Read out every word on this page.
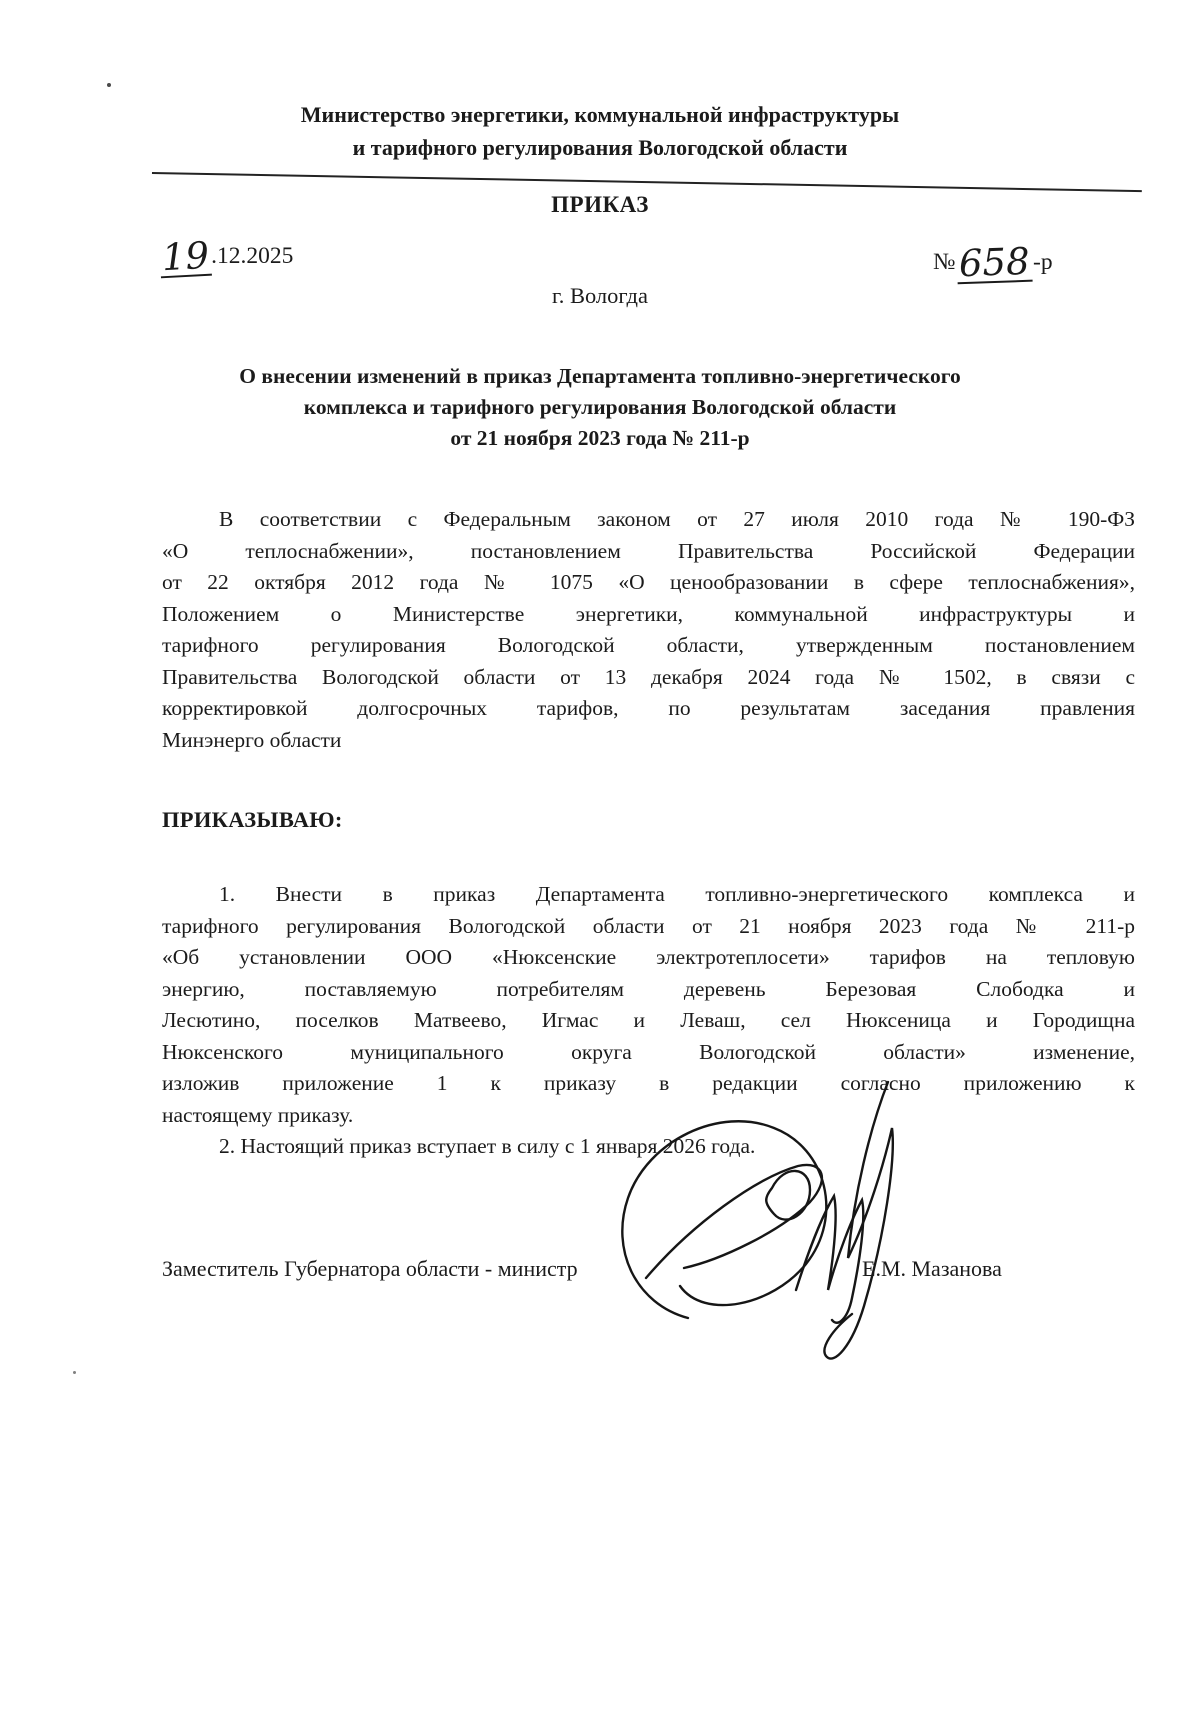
Министерство энергетики, коммунальной инфраструктуры
и тарифного регулирования Вологодской области
ПРИКАЗ
19.12.2025	№658-р
г. Вологда
О внесении изменений в приказ Департамента топливно-энергетического
комплекса и тарифного регулирования Вологодской области
от 21 ноября 2023 года № 211-р
В соответствии с Федеральным законом от 27 июля 2010 года № 190-ФЗ
«О теплоснабжении», постановлением Правительства Российской Федерации
от 22 октября 2012 года № 1075 «О ценообразовании в сфере теплоснабжения»,
Положением о Министерстве энергетики, коммунальной инфраструктуры и
тарифного регулирования Вологодской области, утвержденным постановлением
Правительства Вологодской области от 13 декабря 2024 года № 1502, в связи с
корректировкой долгосрочных тарифов, по результатам заседания правления
Минэнерго области
ПРИКАЗЫВАЮ:
1. Внести в приказ Департамента топливно-энергетического комплекса и
тарифного регулирования Вологодской области от 21 ноября 2023 года № 211-р
«Об установлении ООО «Нюксенские электротеплосети» тарифов на тепловую
энергию, поставляемую потребителям деревень Березовая Слободка и
Лесютино, поселков Матвеево, Игмас и Леваш, сел Нюксеница и Городищна
Нюксенского муниципального округа Вологодской области» изменение,
изложив приложение 1 к приказу в редакции согласно приложению к
настоящему приказу.
2. Настоящий приказ вступает в силу с 1 января 2026 года.
Заместитель Губернатора области - министр	Е.М. Мазанова
